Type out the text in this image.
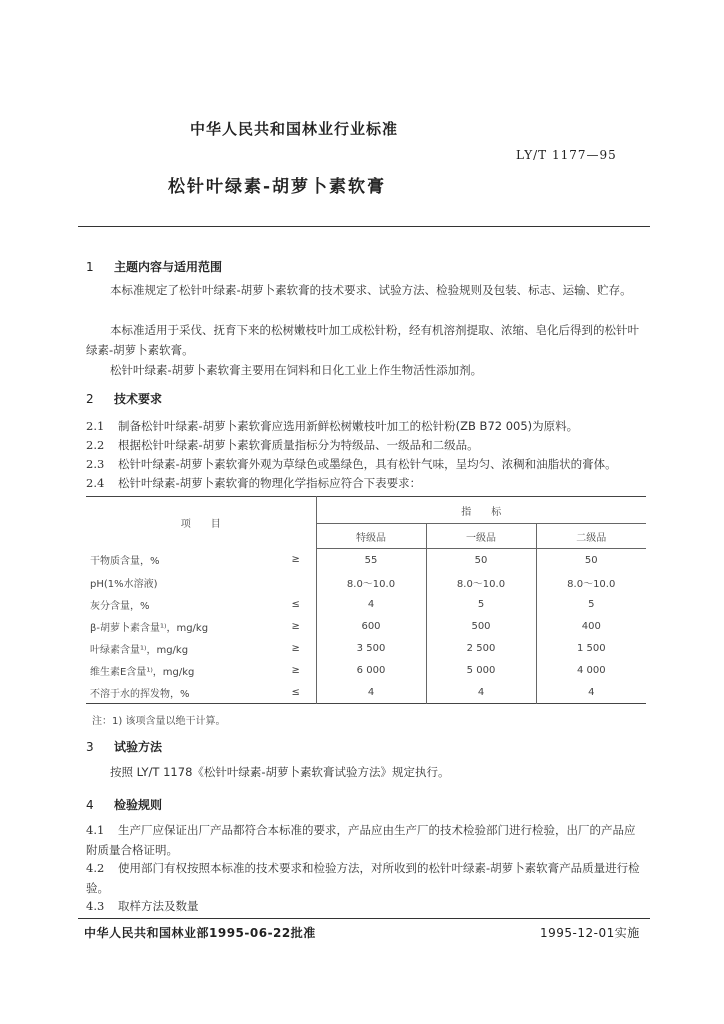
中华人民共和国林业行业标准
LY/T 1177—95
松针叶绿素-胡萝卜素软膏
1 主题内容与适用范围
本标准规定了松针叶绿素-胡萝卜素软膏的技术要求、试验方法、检验规则及包装、标志、运输、贮存。
本标准适用于采伐、抚育下来的松树嫩枝叶加工成松针粉，经有机溶剂提取、浓缩、皂化后得到的松针叶绿素-胡萝卜素软膏。
松针叶绿素-胡萝卜素软膏主要用在饲料和日化工业上作生物活性添加剂。
2 技术要求
2.1 制备松针叶绿素-胡萝卜素软膏应选用新鲜松树嫩枝叶加工的松针粉(ZB B72 005)为原料。
2.2 根据松针叶绿素-胡萝卜素软膏质量指标分为特级品、一级品和二级品。
2.3 松针叶绿素-胡萝卜素软膏外观为草绿色或墨绿色，具有松针气味，呈均匀、浓稠和油脂状的膏体。
2.4 松针叶绿素-胡萝卜素软膏的物理化学指标应符合下表要求：
项　　目		指　　标		
		特级品	一级品	二级品
干物质含量，%	≥	55	50	50
pH(1%水溶液)		8.0～10.0	8.0～10.0	8.0～10.0
灰分含量，%	≤	4	5	5
β-胡萝卜素含量¹⁾，mg/kg	≥	600	500	400
叶绿素含量¹⁾，mg/kg	≥	3 500	2 500	1 500
维生素E含量¹⁾，mg/kg	≥	6 000	5 000	4 000
不溶于水的挥发物，%	≤	4	4	4
注：1) 该项含量以绝干计算。
3 试验方法
按照 LY/T 1178《松针叶绿素-胡萝卜素软膏试验方法》规定执行。
4 检验规则
4.1 生产厂应保证出厂产品都符合本标准的要求，产品应由生产厂的技术检验部门进行检验，出厂的产品应附质量合格证明。
4.2 使用部门有权按照本标准的技术要求和检验方法，对所收到的松针叶绿素-胡萝卜素软膏产品质量进行检验。
4.3 取样方法及数量
中华人民共和国林业部1995-06-22批准	1995-12-01实施
